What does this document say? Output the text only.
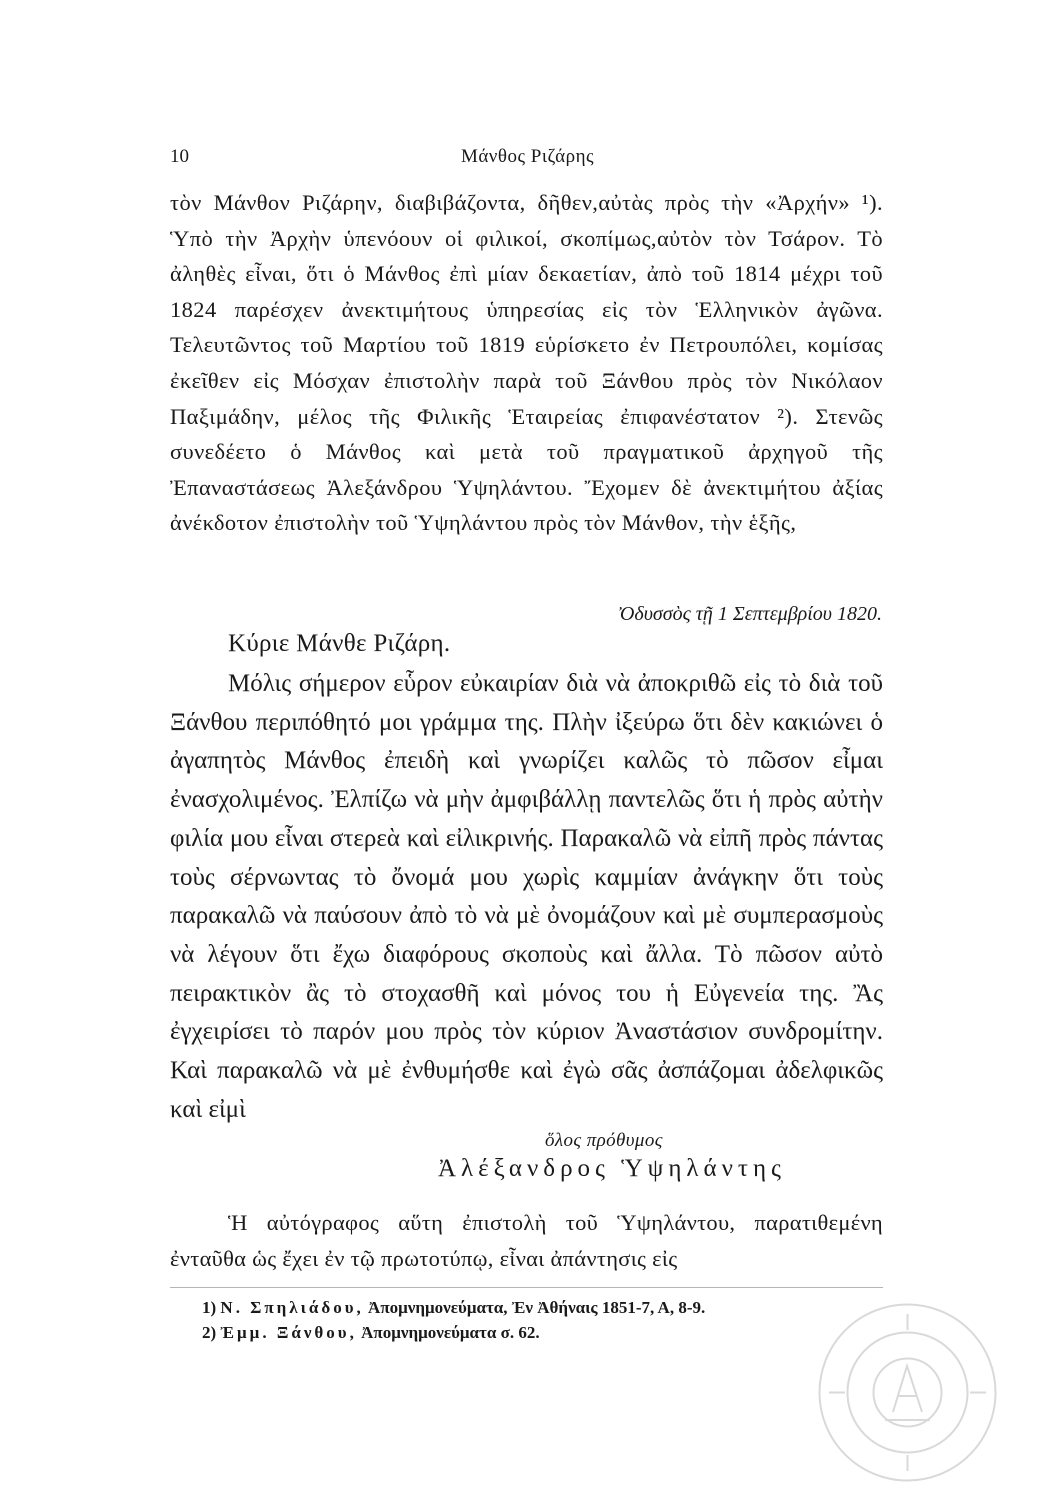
10	Μάνθος Ριζάρης

τὸν Μάνθον Ριζάρην, διαβιβάζοντα, δῆθεν,αὐτὰς πρὸς τὴν «Ἀρχήν» ¹). Ὑπὸ τὴν Ἀρχὴν ὑπενόουν οἱ φιλικοί, σκοπίμως,αὐτὸν τὸν Τσάρον. Τὸ ἀληθὲς εἶναι, ὅτι ὁ Μάνθος ἐπὶ μίαν δεκαετίαν, ἀπὸ τοῦ 1814 μέχρι τοῦ 1824 παρέσχεν ἀνεκτιμήτους ὑπηρεσίας εἰς τὸν Ἑλληνικὸν ἀγῶνα. Τελευτῶντος τοῦ Μαρτίου τοῦ 1819 εὑρίσκετο ἐν Πετρουπόλει, κομίσας ἐκεῖθεν εἰς Μόσχαν ἐπιστολὴν παρὰ τοῦ Ξάνθου πρὸς τὸν Νικόλαον Παξιμάδην, μέλος τῆς Φιλικῆς Ἑταιρείας ἐπιφανέστατον ²). Στενῶς συνεδέετο ὁ Μάνθος καὶ μετὰ τοῦ πραγματικοῦ ἀρχηγοῦ τῆς Ἐπαναστάσεως Ἀλεξάνδρου Ὑψηλάντου. Ἔχομεν δὲ ἀνεκτιμήτου ἀξίας ἀνέκδοτον ἐπιστολὴν τοῦ Ὑψηλάντου πρὸς τὸν Μάνθον, τὴν ἑξῆς,

Ὀδυσσὸς τῇ 1 Σεπτεμβρίου 1820.
Κύριε Μάνθε Ριζάρη.

Μόλις σήμερον εὗρον εὐκαιρίαν διὰ νὰ ἀποκριθῶ εἰς τὸ διὰ τοῦ Ξάνθου περιπόθητό μοι γράμμα της. Πλὴν ἰξεύρω ὅτι δὲν κακιώνει ὁ ἀγαπητὸς Μάνθος ἐπειδὴ καὶ γνωρίζει καλῶς τὸ πῶσον εἶμαι ἐνασχολιμένος. Ἐλπίζω νὰ μὴν ἀμφιβάλλῃ παντελῶς ὅτι ἡ πρὸς αὐτὴν φιλία μου εἶναι στερεὰ καὶ εἰλικρινής. Παρακαλῶ νὰ εἰπῆ πρὸς πάντας τοὺς σέρνωντας τὸ ὄνομά μου χωρὶς καμμίαν ἀνάγκην ὅτι τοὺς παρακαλῶ νὰ παύσουν ἀπὸ τὸ νὰ μὲ ὀνομάζουν καὶ μὲ συμπερασμοὺς νὰ λέγουν ὅτι ἔχω διαφόρους σκοποὺς καὶ ἄλλα. Τὸ πῶσον αὐτὸ πειρακτικὸν ἂς τὸ στοχασθῆ καὶ μόνος του ἡ Εὐγενεία της. Ἂς ἐγχειρίσει τὸ παρόν μου πρὸς τὸν κύριον Ἀναστάσιον συνδρομίτην. Καὶ παρακαλῶ νὰ μὲ ἐνθυμήσθε καὶ ἐγὼ σᾶς ἀσπάζομαι ἀδελφικῶς καὶ εἰμὶ

ὅλος πρόθυμος
Ἀλέξανδρος Ὑψηλάντης

Ἡ αὐτόγραφος αὕτη ἐπιστολὴ τοῦ Ὑψηλάντου, παρατιθεμένη ἐνταῦθα ὡς ἔχει ἐν τῷ πρωτοτύπῳ, εἶναι ἀπάντησις εἰς

1) Ν. Σπηλιάδου, Ἀπομνημονεύματα, Ἐν Ἀθήναις 1851-7, Α, 8-9.

2) Ἐμμ. Ξάνθου, Ἀπομνημονεύματα σ. 62.
